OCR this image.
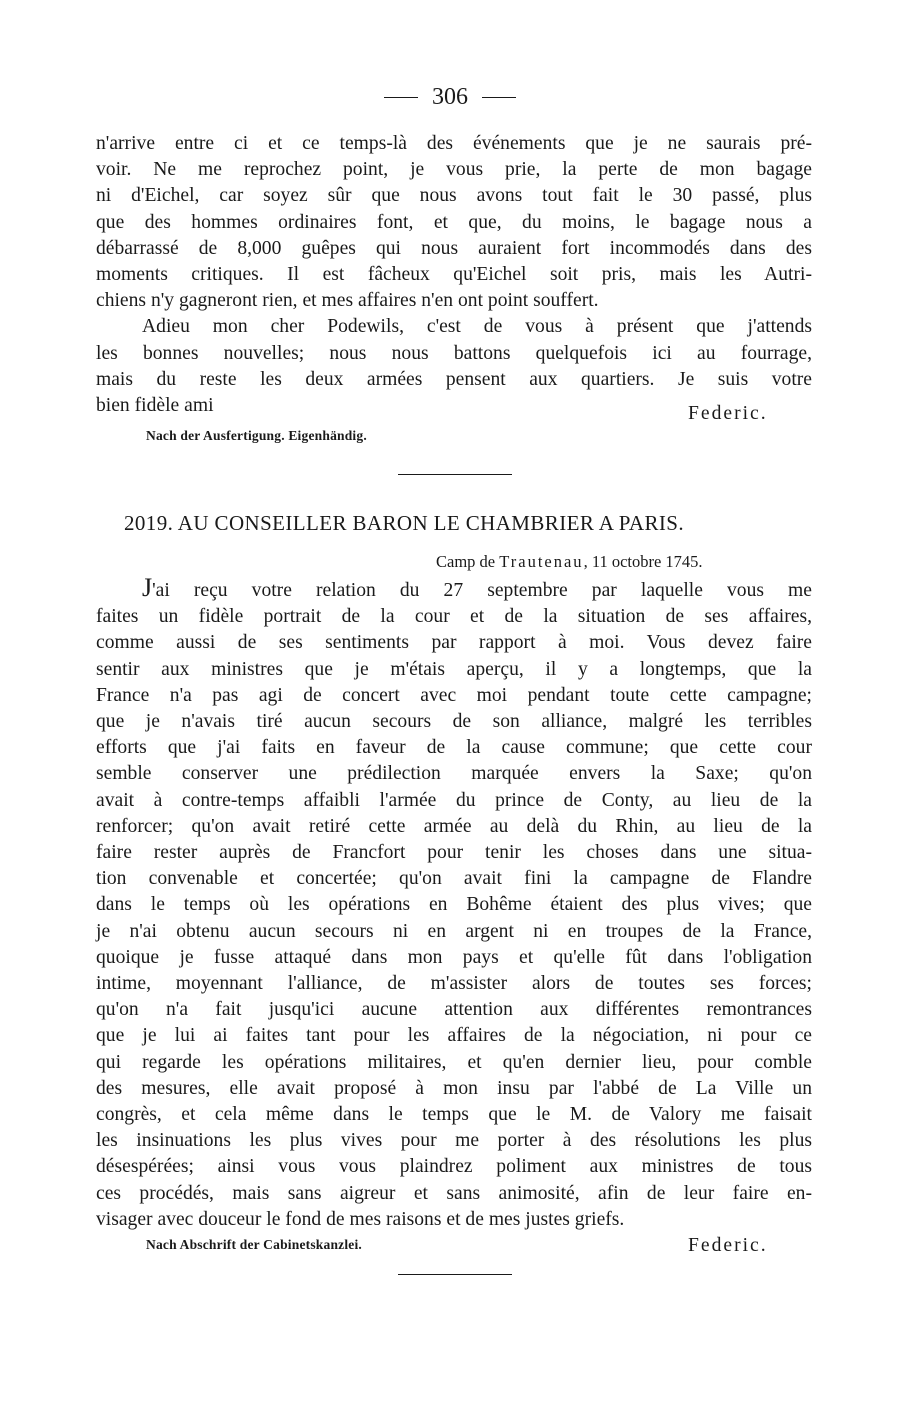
306
n'arrive entre ci et ce temps-là des événements que je ne saurais pré-
voir. Ne me reprochez point, je vous prie, la perte de mon bagage
ni d'Eichel, car soyez sûr que nous avons tout fait le 30 passé, plus
que des hommes ordinaires font, et que, du moins, le bagage nous a
débarrassé de 8,000 guêpes qui nous auraient fort incommodés dans des
moments critiques. Il est fâcheux qu'Eichel soit pris, mais les Autri-
chiens n'y gagneront rien, et mes affaires n'en ont point souffert.
Adieu mon cher Podewils, c'est de vous à présent que j'attends
les bonnes nouvelles; nous nous battons quelquefois ici au fourrage,
mais du reste les deux armées pensent aux quartiers. Je suis votre
bien fidèle ami	Federic.
Nach der Ausfertigung. Eigenhändig.
2019. AU CONSEILLER BARON LE CHAMBRIER A PARIS.
Camp de Trautenau, 11 octobre 1745.
J'ai reçu votre relation du 27 septembre par laquelle vous me
faites un fidèle portrait de la cour et de la situation de ses affaires,
comme aussi de ses sentiments par rapport à moi. Vous devez faire
sentir aux ministres que je m'étais aperçu, il y a longtemps, que la
France n'a pas agi de concert avec moi pendant toute cette campagne;
que je n'avais tiré aucun secours de son alliance, malgré les terribles
efforts que j'ai faits en faveur de la cause commune; que cette cour
semble conserver une prédilection marquée envers la Saxe; qu'on
avait à contre-temps affaibli l'armée du prince de Conty, au lieu de la
renforcer; qu'on avait retiré cette armée au delà du Rhin, au lieu de la
faire rester auprès de Francfort pour tenir les choses dans une situa-
tion convenable et concertée; qu'on avait fini la campagne de Flandre
dans le temps où les opérations en Bohême étaient des plus vives; que
je n'ai obtenu aucun secours ni en argent ni en troupes de la France,
quoique je fusse attaqué dans mon pays et qu'elle fût dans l'obligation
intime, moyennant l'alliance, de m'assister alors de toutes ses forces;
qu'on n'a fait jusqu'ici aucune attention aux différentes remontrances
que je lui ai faites tant pour les affaires de la négociation, ni pour ce
qui regarde les opérations militaires, et qu'en dernier lieu, pour comble
des mesures, elle avait proposé à mon insu par l'abbé de La Ville un
congrès, et cela même dans le temps que le M. de Valory me faisait
les insinuations les plus vives pour me porter à des résolutions les plus
désespérées; ainsi vous vous plaindrez poliment aux ministres de tous
ces procédés, mais sans aigreur et sans animosité, afin de leur faire en-
visager avec douceur le fond de mes raisons et de mes justes griefs.
Nach Abschrift der Cabinetskanzlei.	Federic.
